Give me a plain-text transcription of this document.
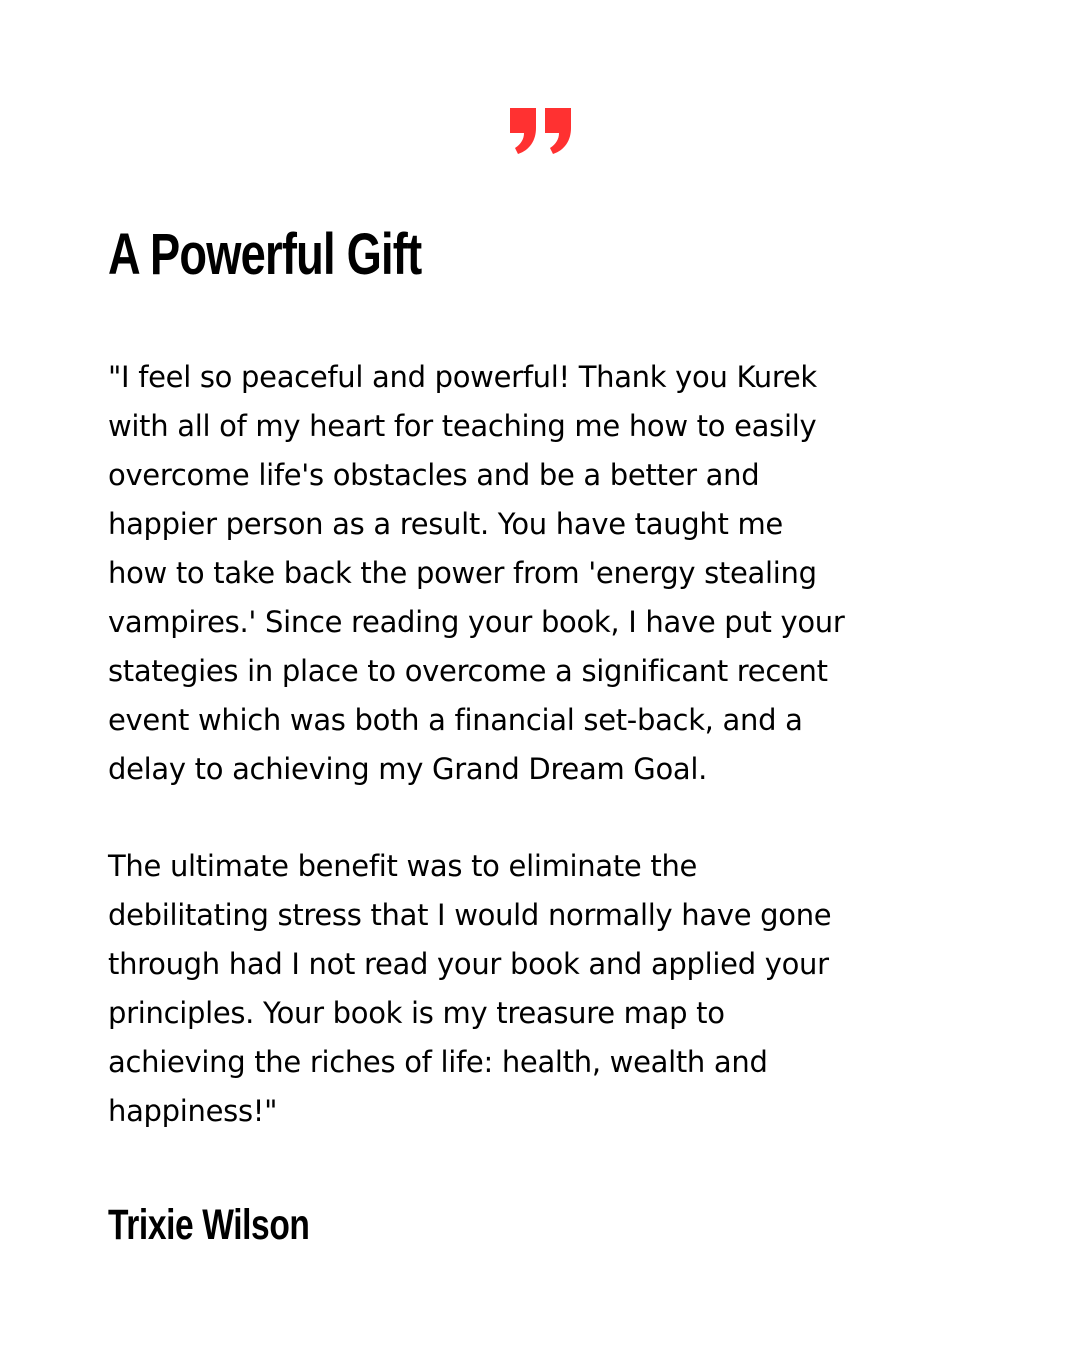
A Powerful Gift

"I feel so peaceful and powerful! Thank you Kurek
with all of my heart for teaching me how to easily
overcome life's obstacles and be a better and
happier person as a result. You have taught me
how to take back the power from 'energy stealing
vampires.' Since reading your book, I have put your
stategies in place to overcome a significant recent
event which was both a financial set-back, and a
delay to achieving my Grand Dream Goal.

The ultimate benefit was to eliminate the
debilitating stress that I would normally have gone
through had I not read your book and applied your
principles. Your book is my treasure map to
achieving the riches of life: health, wealth and
happiness!"

Trixie Wilson
